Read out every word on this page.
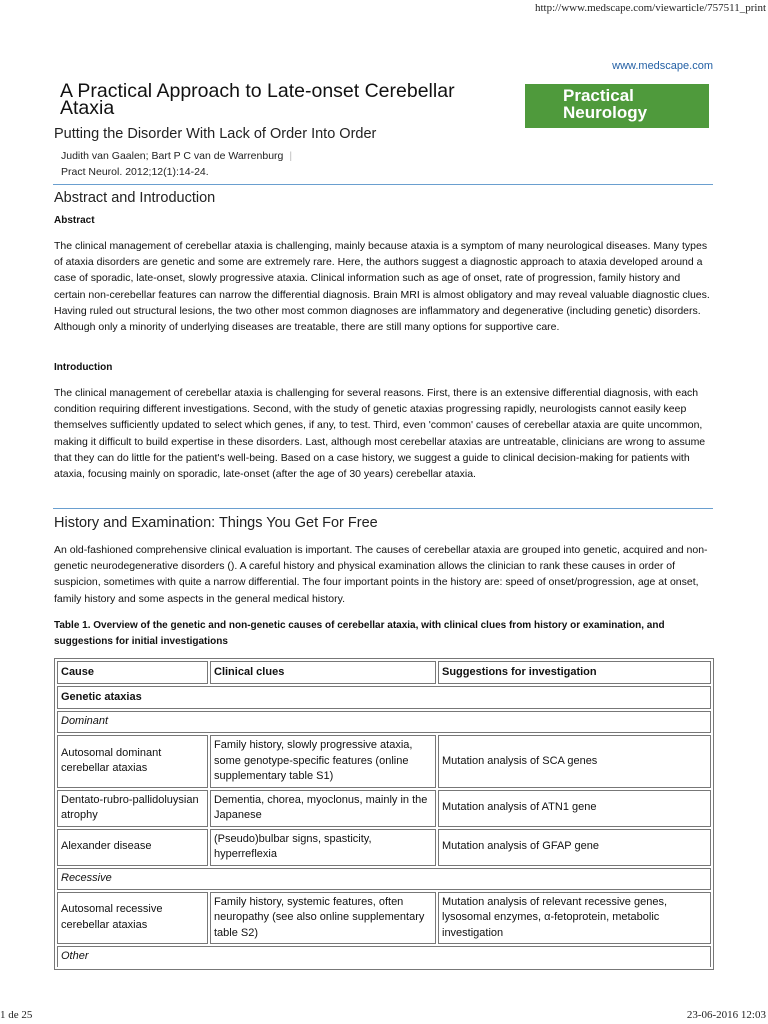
http://www.medscape.com/viewarticle/757511_print
www.medscape.com
A Practical Approach to Late-onset Cerebellar Ataxia
Practical
Neurology
Putting the Disorder With Lack of Order Into Order
Judith van Gaalen; Bart P C van de Warrenburg |
Pract Neurol. 2012;12(1):14-24.
Abstract and Introduction
Abstract

The clinical management of cerebellar ataxia is challenging, mainly because ataxia is a symptom of many neurological diseases. Many types of ataxia disorders are genetic and some are extremely rare. Here, the authors suggest a diagnostic approach to ataxia developed around a case of sporadic, late-onset, slowly progressive ataxia. Clinical information such as age of onset, rate of progression, family history and certain non-cerebellar features can narrow the differential diagnosis. Brain MRI is almost obligatory and may reveal valuable diagnostic clues. Having ruled out structural lesions, the two other most common diagnoses are inflammatory and degenerative (including genetic) disorders. Although only a minority of underlying diseases are treatable, there are still many options for supportive care.

Introduction

The clinical management of cerebellar ataxia is challenging for several reasons. First, there is an extensive differential diagnosis, with each condition requiring different investigations. Second, with the study of genetic ataxias progressing rapidly, neurologists cannot easily keep themselves sufficiently updated to select which genes, if any, to test. Third, even 'common' causes of cerebellar ataxia are quite uncommon, making it difficult to build expertise in these disorders. Last, although most cerebellar ataxias are untreatable, clinicians are wrong to assume that they can do little for the patient's well-being. Based on a case history, we suggest a guide to clinical decision-making for patients with ataxia, focusing mainly on sporadic, late-onset (after the age of 30 years) cerebellar ataxia.

History and Examination: Things You Get For Free

An old-fashioned comprehensive clinical evaluation is important. The causes of cerebellar ataxia are grouped into genetic, acquired and non-genetic neurodegenerative disorders (). A careful history and physical examination allows the clinician to rank these causes in order of suspicion, sometimes with quite a narrow differential. The four important points in the history are: speed of onset/progression, age at onset, family history and some aspects in the general medical history.

Table 1. Overview of the genetic and non-genetic causes of cerebellar ataxia, with clinical clues from history or examination, and suggestions for initial investigations

Cause	Clinical clues	Suggestions for investigation
Genetic ataxias		
Dominant		
Autosomal dominant cerebellar ataxias	Family history, slowly progressive ataxia, some genotype-specific features (online supplementary table S1)	Mutation analysis of SCA genes
Dentato-rubro-pallidoluysian atrophy	Dementia, chorea, myoclonus, mainly in the Japanese	Mutation analysis of ATN1 gene
Alexander disease	(Pseudo)bulbar signs, spasticity, hyperreflexia	Mutation analysis of GFAP gene
Recessive		
Autosomal recessive cerebellar ataxias	Family history, systemic features, often neuropathy (see also online supplementary table S2)	Mutation analysis of relevant recessive genes, lysosomal enzymes, α-fetoprotein, metabolic investigation
Other		
1 de 25	23-06-2016 12:03
